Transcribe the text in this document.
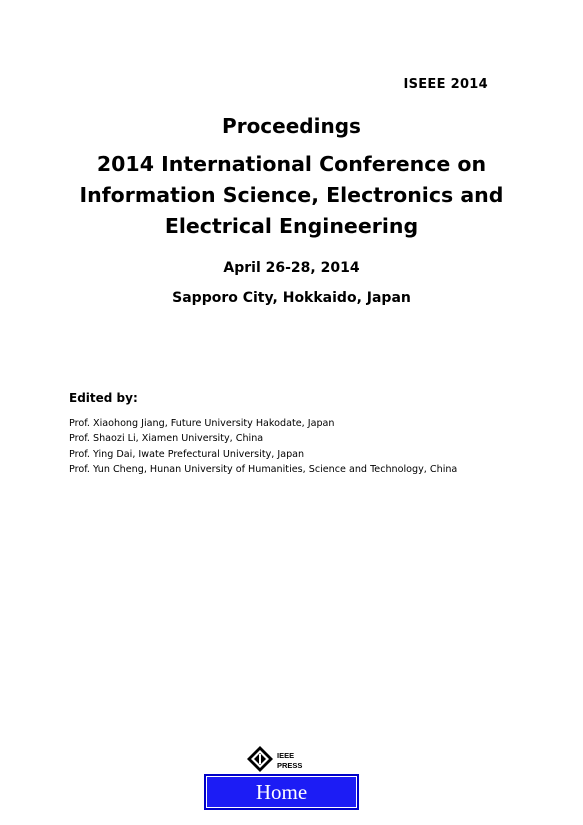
ISEEE 2014
Proceedings
2014 International Conference on
Information Science, Electronics and
Electrical Engineering
April 26-28, 2014
Sapporo City, Hokkaido, Japan
Edited by:
Prof. Xiaohong Jiang, Future University Hakodate, Japan
Prof. Shaozi Li, Xiamen University, China
Prof. Ying Dai, Iwate Prefectural University, Japan
Prof. Yun Cheng, Hunan University of Humanities, Science and Technology, China
IEEE
PRESS
Home
